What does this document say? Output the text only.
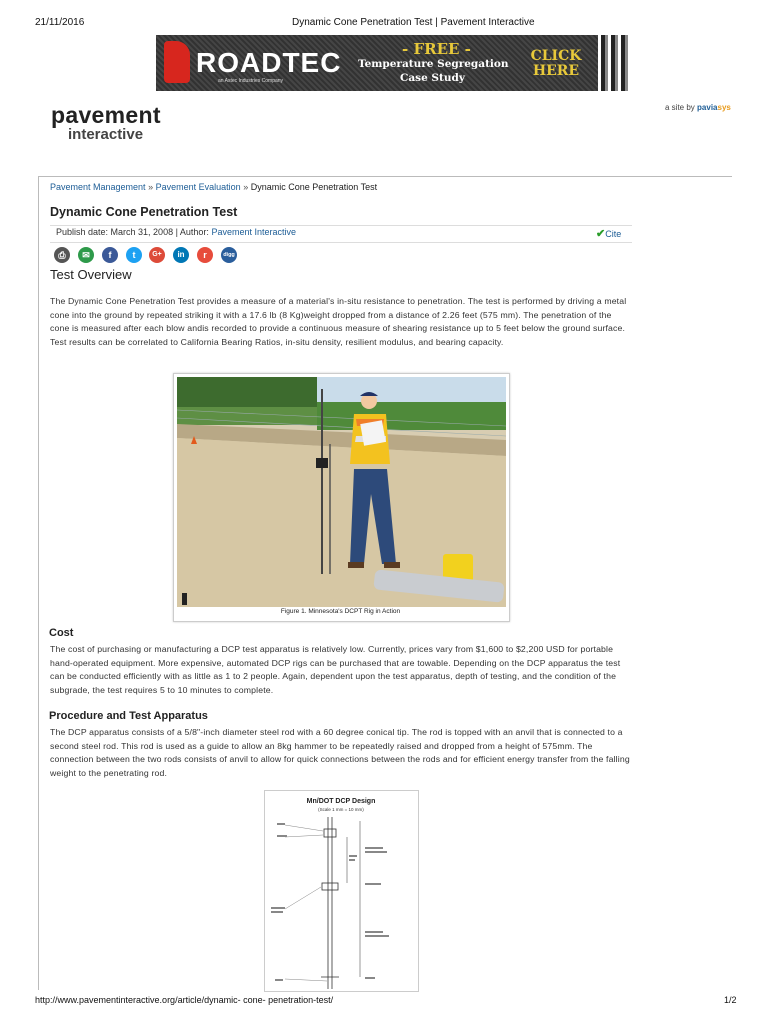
21/11/2016	Dynamic Cone Penetration Test | Pavement Interactive
ROADTEC
an Astec Industries Company
- FREE -
Temperature Segregation
Case Study
CLICK HERE
pavement
interactive
a site by paviasys
Pavement Management » Pavement Evaluation » Dynamic Cone Penetration Test
Dynamic Cone Penetration Test
Publish date: March 31, 2008 | Author: Pavement Interactive	✔Cite
⎙	✉	f	t	G+	in	r	digg
Test Overview
The Dynamic Cone Penetration Test provides a measure of a material's in-situ resistance to penetration. The test is performed by driving a metal cone into the ground by repeated striking it with a 17.6 lb (8 Kg)weight dropped from a distance of 2.26 feet (575 mm). The penetration of the cone is measured after each blow andis recorded to provide a continuous measure of shearing resistance up to 5 feet below the ground surface. Test results can be correlated to California Bearing Ratios, in-situ density, resilient modulus, and bearing capacity.
Figure 1. Minnesota's DCPT Rig in Action
Cost
The cost of purchasing or manufacturing a DCP test apparatus is relatively low. Currently, prices vary from $1,600 to $2,200 USD for portable hand-operated equipment. More expensive, automated DCP rigs can be purchased that are towable. Depending on the DCP apparatus the test can be conducted efficiently with as little as 1 to 2 people. Again, dependent upon the test apparatus, depth of testing, and the condition of the subgrade, the test requires 5 to 10 minutes to complete.
Procedure and Test Apparatus
The DCP apparatus consists of a 5/8"-inch diameter steel rod with a 60 degree conical tip. The rod is topped with an anvil that is connected to a second steel rod. This rod is used as a guide to allow an 8kg hammer to be repeatedly raised and dropped from a height of 575mm. The connection between the two rods consists of anvil to allow for quick connections between the rods and for efficient energy transfer from the falling weight to the penetrating rod.
Mn/DOT DCP Design
(Scale 1 mm = 10 mm)
http://www.pavementinteractive.org/article/dynamic- cone- penetration-test/	1/2
